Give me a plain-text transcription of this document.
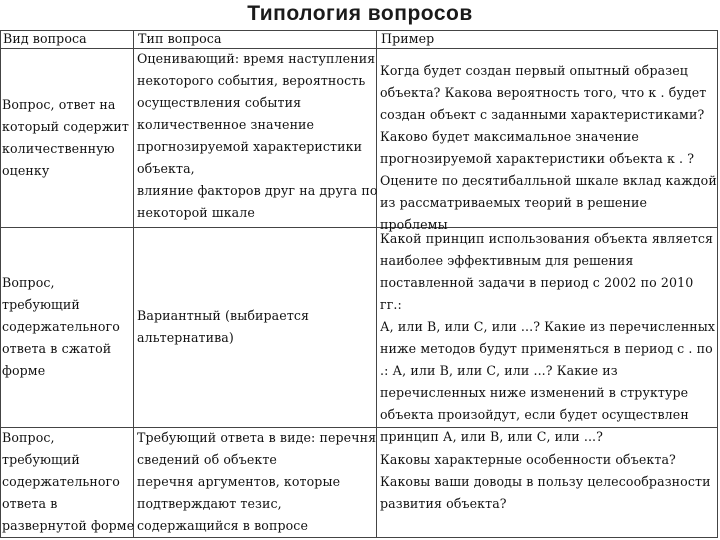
Типология вопросов
Вид вопроса	Тип вопроса	Пример
Вопрос, ответ на
который содержит
количественную
оценку
Оценивающий: время наступления
некоторого события, вероятность
осуществления события
количественное значение
прогнозируемой характеристики
объекта,
влияние факторов друг на друга по
некоторой шкале
Когда будет создан первый опытный образец
объекта? Какова вероятность того, что к . будет
создан объект с заданными характеристиками?
Каково будет максимальное значение
прогнозируемой характеристики объекта к . ?
Оцените по десятибалльной шкале вклад каждой
из рассматриваемых теорий в решение проблемы
Вопрос,
требующий
содержательного
ответа в сжатой
форме
Вариантный (выбирается
альтернатива)
Какой принцип использования объекта является
наиболее эффективным для решения
поставленной задачи в период с 2002 по 2010 гг.:
А, или В, или С, или ...? Какие из перечисленных
ниже методов будут применяться в период с . по
.: А, или В, или С, или ...? Какие из
перечисленных ниже изменений в структуре
объекта произойдут, если будет осуществлен
принцип А, или В, или С, или ...?
Вопрос,
требующий
содержательного
ответа в
развернутой форме
Требующий ответа в виде: перечня
сведений об объекте
перечня аргументов, которые
подтверждают тезис,
содержащийся в вопросе
Каковы характерные особенности объекта?
Каковы ваши доводы в пользу целесообразности
развития объекта?
